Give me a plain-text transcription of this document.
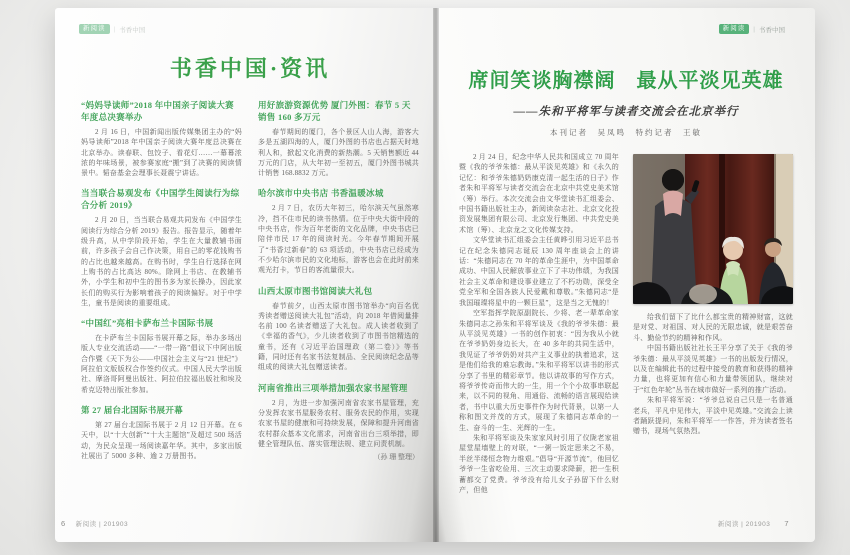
新阅读	| 书香中国
书香中国·资讯
“妈妈导读师”2018 年中国亲子阅读大赛年度总决赛举办

2 月 16 日，中国新闻出版传媒集团主办的“妈妈导读师”2018 年中国亲子阅读大赛年度总决赛在北京举办。读春联、包饺子、看花灯……一幕幕浓浓的年味场景，被参赛家庭“搬”到了决赛的阅读情景中。韬奋基金会理事长聂震宁讲话。

当当联合易观发布《中国学生阅读行为综合分析 2019》

2 月 20 日，当当联合易观共同发布《中国学生阅读行为综合分析 2019》报告。报告显示，随着年级升高，从中学阶段开始，学生在大量教辅书面前，许多孩子会自己作决策，用自己的零花钱购书的占比也越来越高。在购书时，学生自行选择在网上购书的占比高达 80%。除网上书店、在教辅书外，小学生和初中生的图书多为家长操办，因此家长们的购买行为影响着孩子的阅读偏好。对于中学生，童书是阅读的重要组成。

“中国红”亮相卡萨布兰卡国际书展

在卡萨布兰卡国际书展开幕之际，举办多场出版人专业交流活动——“一带一路”倡议下中阿出版合作暨《天下为公——中国社会主义与“21 世纪”》阿拉伯文版版权合作签约仪式。中国人民大学出版社、摩洛哥阿曼出版社、阿拉伯拉福出版社和埃及希克迈特出版社参加。

第 27 届台北国际书展开幕

第 27 届台北国际书展于 2 月 12 日开幕。在 6 天中，以“十大创新”“十大主题馆”及超过 500 场活动，为民众呈现一场阅读嘉年华。其中，多家出版社展出了 5000 多种、逾 2 万册图书。

用好旅游资源优势 厦门外图：春节 5 天 销售 160 多万元

春节期间的厦门，各个景区人山人海，游客大多是五湖四海的人，厦门外图的书店也占据天时地利人和，掀起文化消费的新热潮。5 天销售额近 44 万元的门店，从大年初一至初五，厦门外图书城共计销售 168.8832 万元。

哈尔滨市中央书店 书香温暖冰城

2 月 7 日，农历大年初三，哈尔滨天气虽然寒冷，挡不住市民的读书热情。位于中央大街中段的中央书店，作为百年老街的文化品牌，中央书店已陪伴市民 17 年的阅读时光。今年春节期间开展了“书香过新春”的 63 项活动，中央书店已经成为不少哈尔滨市民的文化地标，游客也会在此时前来观光打卡，节日的客流量很大。

山西太原市图书馆阅读大礼包

春节前夕，山西太原市图书馆举办“向百名优秀读者赠送阅读大礼包”活动，向 2018 年借阅量排名前 100 名读者赠送了大礼包。成人读者收到了《幸福的香气》，少儿读者收到了市图书馆精选的童书，还有《习近平治国理政（第二卷）》等书籍，同时还有名家书法复制品、全民阅读纪念品等组成的阅读大礼包赠送读者。

河南省推出三项举措加强农家书屋管理

2 月，为进一步加强河南省农家书屋管理，充分发挥农家书屋服务农村、服务农民的作用，实现农家书屋的健康和可持续发展，保障和提升河南省农村群众基本文化需求，河南省出台三项举措，即健全管理队伍、落实管理法规、建立问责机制。

（孙 珊 整理）
6 新阅读 | 201903
新阅读	| 书香中国
席间笑谈胸襟阔　最从平淡见英雄

——朱和平将军与读者交流会在北京举行

本刊记者　吴凤鸣　特约记者　王敏

2 月 24 日，纪念中华人民共和国成立 70 周年暨《我的爷爷朱德：最从平淡见英雄》和《永久的记忆：和爷爷朱德奶奶康克清一起生活的日子》作者朱和平将军与读者交流会在北京中共党史美术馆（筹）举行。本次交流会由文华堂读书汇组委会、中国书籍出版社主办，新阅读杂志社、北京文化投资发展集团有限公司、北京发行集团、中共党史美术馆（筹）、北京龙之文化传媒支持。

文华堂读书汇组委会主任黄晔引用习近平总书记在纪念朱德同志诞辰 130 周年座谈会上的讲话：“朱德同志在 70 年的革命生涯中，为中国革命成功、中国人民解放事业立下了丰功伟绩，为我国社会主义革命和建设事业建立了不朽功勋，深受全党全军和全国各族人民爱戴和尊敬。”朱德同志“是我国璀璨将星中的一颗巨星”，这是当之无愧的！

空军指挥学院原副院长、少将、老一辈革命家朱德同志之孙朱和平将军谈及《我的爷爷朱德：最从平淡见英雄》一书的创作初衷：“因为我从小就在爷爷奶奶身边长大，在 40 多年的共同生活中，我见证了爷爷奶奶对共产主义事业的执着追求，这是他们给我的难忘教诲。”朱和平将军以讲书的形式分享了书里的精彩章节。他以讲故事的写作方式，将爷爷传奇而伟大的一生，用一个个小故事串联起来，以不同的视角、用通俗、流畅的语言展现给读者，书中以重大历史事件作为时代背景，以第一人称和图文并茂的方式，展现了朱德同志革命的一生、奋斗的一生、光辉的一生。

朱和平将军谈及朱家家风时引用了仪陇老家祖屋堂屋墙壁上的对联，“一粥一饭定思来之不易，半丝半缕恒念物力维艰。”倡导“开源节流”，他回忆爷爷一生省吃俭用、三次主动要求降薪，把一生积蓄都交了党费。爷爷没有给儿女子孙留下什么财产，但他

给我们留下了比什么都宝贵的精神财富，这就是对党、对祖国、对人民的无限忠诚，就是艰苦奋斗、勤俭节约的精神和作风。

中国书籍出版社社长王平分享了关于《我的爷爷朱德：最从平淡见英雄》一书的出版发行情况，以及在编辑此书的过程中接受的教育和获得的精神力量，也将更加有信心和力量带领团队，继续对于“红色年轮”丛书在城市做好一系列的推广活动。

朱和平将军说：“爷爷总说自己只是一名普通老兵，平凡中见伟大，平淡中见英雄。”交流会上读者踊跃提问，朱和平将军一一作答，并为读者签名赠书，现场气氛热烈。

新阅读 | 201903 7
